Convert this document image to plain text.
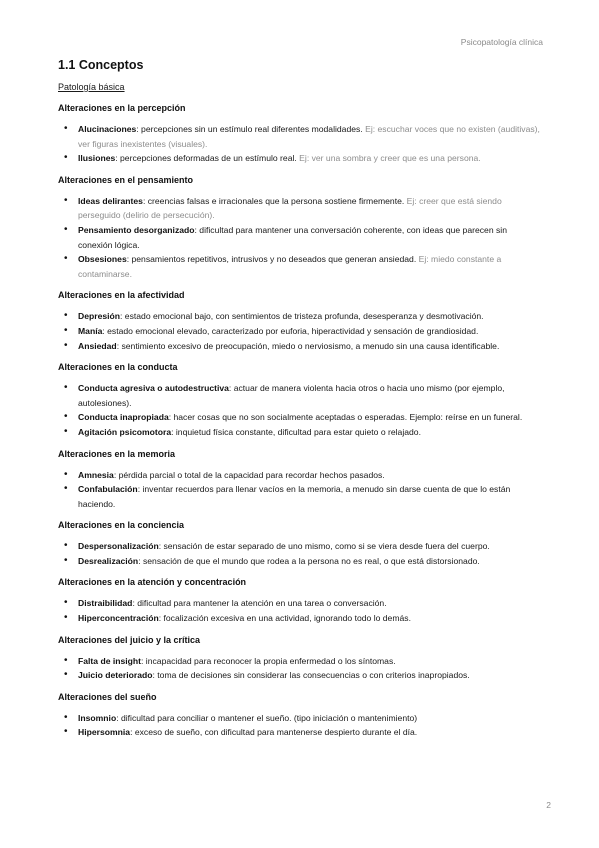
Psicopatología clínica
1.1 Conceptos
Patología básica
Alteraciones en la percepción
• Alucinaciones: percepciones sin un estímulo real diferentes modalidades. Ej: escuchar voces que no existen (auditivas), ver figuras inexistentes (visuales).
• Ilusiones: percepciones deformadas de un estímulo real. Ej: ver una sombra y creer que es una persona.
Alteraciones en el pensamiento
• Ideas delirantes: creencias falsas e irracionales que la persona sostiene firmemente. Ej: creer que está siendo perseguido (delirio de persecución).
• Pensamiento desorganizado: dificultad para mantener una conversación coherente, con ideas que parecen sin conexión lógica.
• Obsesiones: pensamientos repetitivos, intrusivos y no deseados que generan ansiedad. Ej: miedo constante a contaminarse.
Alteraciones en la afectividad
• Depresión: estado emocional bajo, con sentimientos de tristeza profunda, desesperanza y desmotivación.
• Manía: estado emocional elevado, caracterizado por euforia, hiperactividad y sensación de grandiosidad.
• Ansiedad: sentimiento excesivo de preocupación, miedo o nerviosismo, a menudo sin una causa identificable.
Alteraciones en la conducta
• Conducta agresiva o autodestructiva: actuar de manera violenta hacia otros o hacia uno mismo (por ejemplo, autolesiones).
• Conducta inapropiada: hacer cosas que no son socialmente aceptadas o esperadas. Ejemplo: reírse en un funeral.
• Agitación psicomotora: inquietud física constante, dificultad para estar quieto o relajado.
Alteraciones en la memoria
• Amnesia: pérdida parcial o total de la capacidad para recordar hechos pasados.
• Confabulación: inventar recuerdos para llenar vacíos en la memoria, a menudo sin darse cuenta de que lo están haciendo.
Alteraciones en la conciencia
• Despersonalización: sensación de estar separado de uno mismo, como si se viera desde fuera del cuerpo.
• Desrealización: sensación de que el mundo que rodea a la persona no es real, o que está distorsionado.
Alteraciones en la atención y concentración
• Distraibilidad: dificultad para mantener la atención en una tarea o conversación.
• Hiperconcentración: focalización excesiva en una actividad, ignorando todo lo demás.
Alteraciones del juicio y la crítica
• Falta de insight: incapacidad para reconocer la propia enfermedad o los síntomas.
• Juicio deteriorado: toma de decisiones sin considerar las consecuencias o con criterios inapropiados.
Alteraciones del sueño
• Insomnio: dificultad para conciliar o mantener el sueño. (tipo iniciación o mantenimiento)
• Hipersomnia: exceso de sueño, con dificultad para mantenerse despierto durante el día.
2
